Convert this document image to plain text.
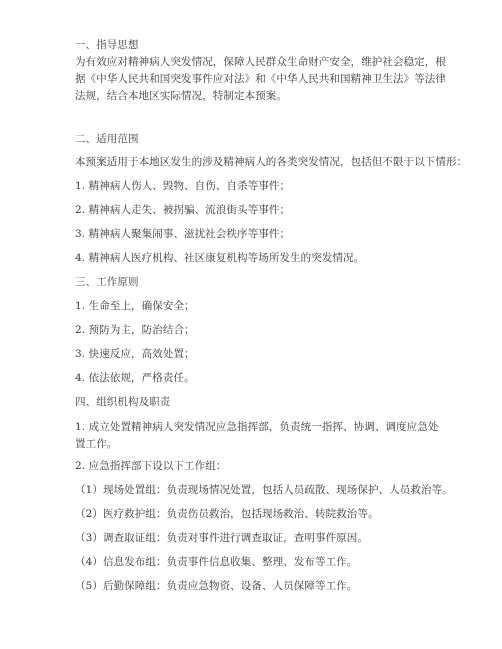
一、指导思想
为有效应对精神病人突发情况，保障人民群众生命财产安全，维护社会稳定，根据《中华人民共和国突发事件应对法》和《中华人民共和国精神卫生法》等法律法规，结合本地区实际情况，特制定本预案。
二、适用范围
本预案适用于本地区发生的涉及精神病人的各类突发情况，包括但不限于以下情形：
1. 精神病人伤人、毁物、自伤、自杀等事件；
2. 精神病人走失、被拐骗、流浪街头等事件；
3. 精神病人聚集闹事、滋扰社会秩序等事件；
4. 精神病人医疗机构、社区康复机构等场所发生的突发情况。
三、工作原则
1. 生命至上，确保安全；
2. 预防为主，防治结合；
3. 快速反应，高效处置；
4. 依法依规，严格责任。
四、组织机构及职责
1. 成立处置精神病人突发情况应急指挥部，负责统一指挥、协调、调度应急处置工作。
2. 应急指挥部下设以下工作组：
（1）现场处置组：负责现场情况处置，包括人员疏散、现场保护、人员救治等。
（2）医疗救护组：负责伤员救治，包括现场救治、转院救治等。
（3）调查取证组：负责对事件进行调查取证，查明事件原因。
（4）信息发布组：负责事件信息收集、整理、发布等工作。
（5）后勤保障组：负责应急物资、设备、人员保障等工作。
